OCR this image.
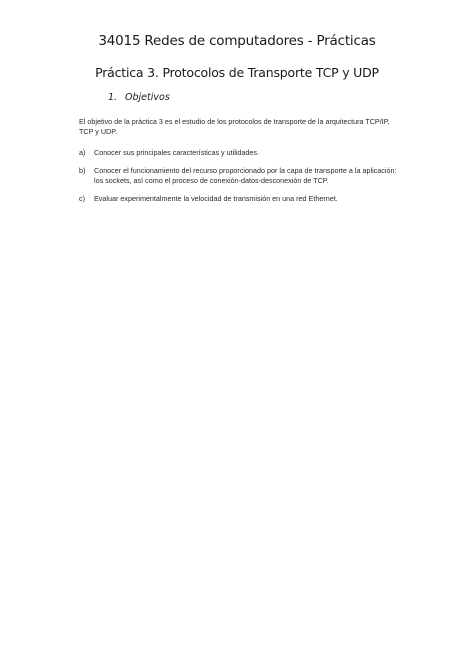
34015 Redes de computadores - Prácticas
Práctica 3. Protocolos de Transporte TCP y UDP
1. Objetivos
El objetivo de la práctica 3 es el estudio de los protocolos de transporte de la arquitectura TCP/IP, TCP y UDP.
a) Conocer sus principales características y utilidades.
b) Conocer el funcionamiento del recurso proporcionado por la capa de transporte a la aplicación: los sockets, así como el proceso de conexión-datos-desconexión de TCP.
c) Evaluar experimentalmente la velocidad de transmisión en una red Ethernet.
